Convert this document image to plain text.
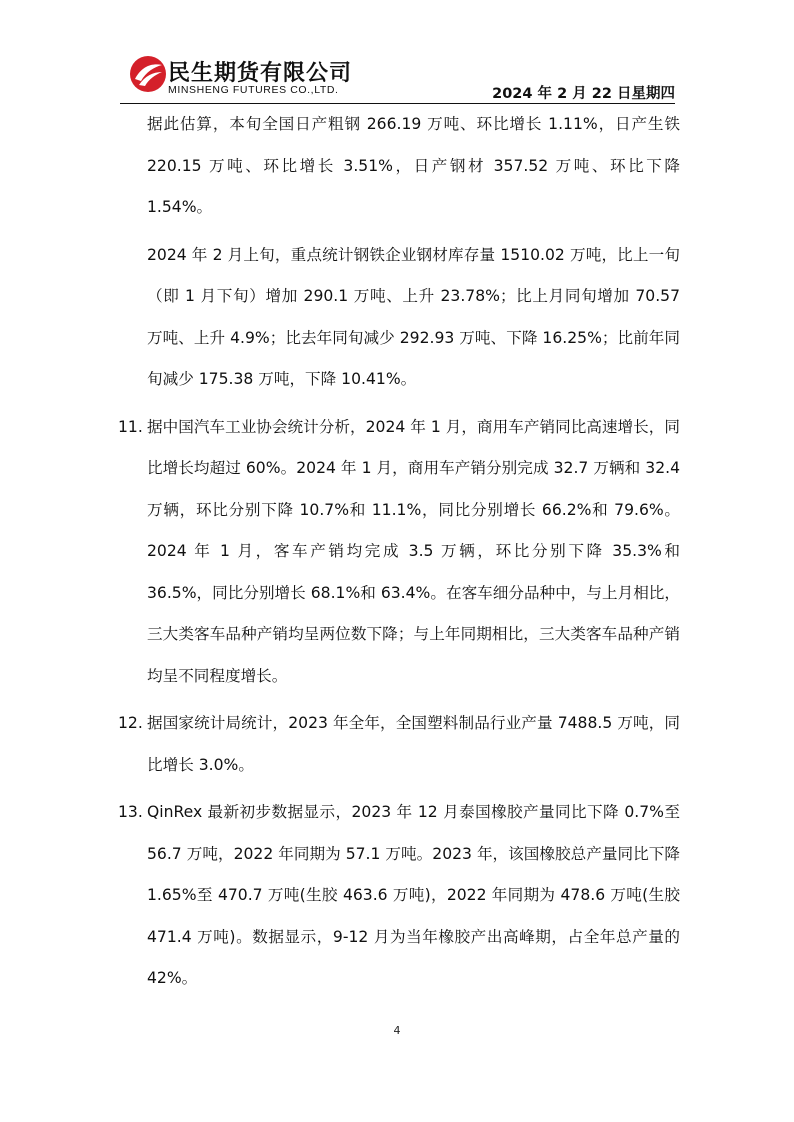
民生期货有限公司
MINSHENG FUTURES CO.,LTD.	2024 年 2 月 22 日星期四

据此估算，本旬全国日产粗钢 266.19 万吨、环比增长 1.11%，日产生铁 220.15 万吨、环比增长 3.51%，日产钢材 357.52 万吨、环比下降 1.54%。

2024 年 2 月上旬，重点统计钢铁企业钢材库存量 1510.02 万吨，比上一旬（即 1 月下旬）增加 290.1 万吨、上升 23.78%；比上月同旬增加 70.57 万吨、上升 4.9%；比去年同旬减少 292.93 万吨、下降 16.25%；比前年同旬减少 175.38 万吨，下降 10.41%。

11. 据中国汽车工业协会统计分析，2024 年 1 月，商用车产销同比高速增长，同比增长均超过 60%。2024 年 1 月，商用车产销分别完成 32.7 万辆和 32.4 万辆，环比分别下降 10.7%和 11.1%，同比分别增长 66.2%和 79.6%。2024 年 1 月，客车产销均完成 3.5 万辆，环比分别下降 35.3%和 36.5%，同比分别增长 68.1%和 63.4%。在客车细分品种中，与上月相比，三大类客车品种产销均呈两位数下降；与上年同期相比，三大类客车品种产销均呈不同程度增长。
12. 据国家统计局统计，2023 年全年，全国塑料制品行业产量 7488.5 万吨，同比增长 3.0%。
13. QinRex 最新初步数据显示，2023 年 12 月泰国橡胶产量同比下降 0.7%至 56.7 万吨，2022 年同期为 57.1 万吨。2023 年，该国橡胶总产量同比下降 1.65%至 470.7 万吨(生胶 463.6 万吨)，2022 年同期为 478.6 万吨(生胶 471.4 万吨)。数据显示，9-12 月为当年橡胶产出高峰期，占全年总产量的 42%。
4
